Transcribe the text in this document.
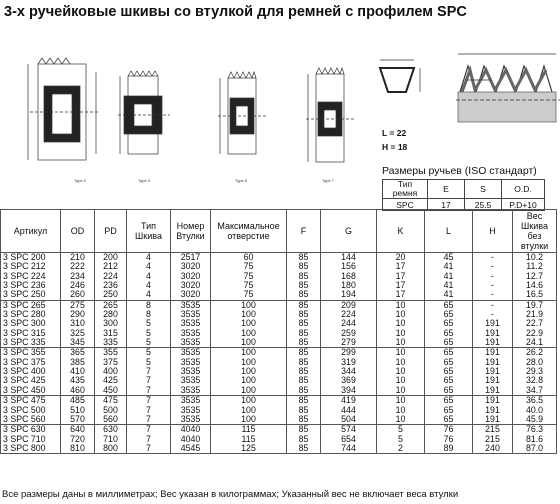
3-х ручейковые шкивы со втулкой для ремней с профилем SPC
Type 2	Type 4	Type 5	Type 7
L = 22
H = 18
Размеры ручьев (ISO стандарт)
Тип ремня	E	S	O.D.
SPC	17	25.5	P.D+10
Артикул	OD	PD	Тип Шкива	Номер Втулки	Максимальное отверстие	F	G	K	L	H	Вес Шкива без втулки
3 SPC 200	210	200	4	2517	60	85	144	20	45	-	10.2
3 SPC 212	222	212	4	3020	75	85	156	17	41	-	11.2
3 SPC 224	234	224	4	3020	75	85	168	17	41	-	12.7
3 SPC 236	246	236	4	3020	75	85	180	17	41	-	14.6
3 SPC 250	260	250	4	3020	75	85	194	17	41	-	16.5
3 SPC 265	275	265	8	3535	100	85	209	10	65	-	19.7
3 SPC 280	290	280	8	3535	100	85	224	10	65	-	21.9
3 SPC 300	310	300	5	3535	100	85	244	10	65	191	22.7
3 SPC 315	325	315	5	3535	100	85	259	10	65	191	22.9
3 SPC 335	345	335	5	3535	100	85	279	10	65	191	24.1
3 SPC 355	365	355	5	3535	100	85	299	10	65	191	26.2
3 SPC 375	385	375	5	3535	100	85	319	10	65	191	28.0
3 SPC 400	410	400	7	3535	100	85	344	10	65	191	29.3
3 SPC 425	435	425	7	3535	100	85	369	10	65	191	32.8
3 SPC 450	460	450	7	3535	100	85	394	10	65	191	34.7
3 SPC 475	485	475	7	3535	100	85	419	10	65	191	36.5
3 SPC 500	510	500	7	3535	100	85	444	10	65	191	40.0
3 SPC 560	570	560	7	3535	100	85	504	10	65	191	45.9
3 SPC 630	640	630	7	4040	115	85	574	5	76	215	76.3
3 SPC 710	720	710	7	4040	115	85	654	5	76	215	81.6
3 SPC 800	810	800	7	4545	125	85	744	2	89	240	87.0
Все размеры даны в миллиметрах; Вес указан в килограммах; Указанный вес не включает веса втулки
